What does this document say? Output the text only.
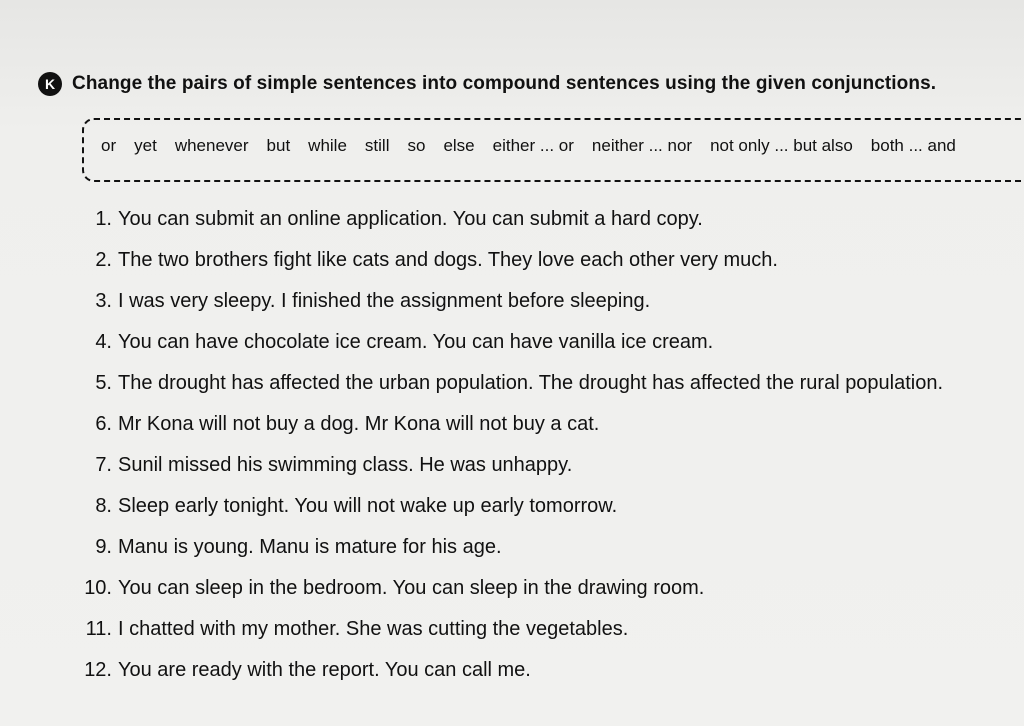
K Change the pairs of simple sentences into compound sentences using the given conjunctions.
or yet whenever but while still so else either ... or neither ... nor not only ... but also both ... and
1. You can submit an online application. You can submit a hard copy.
2. The two brothers fight like cats and dogs. They love each other very much.
3. I was very sleepy. I finished the assignment before sleeping.
4. You can have chocolate ice cream. You can have vanilla ice cream.
5. The drought has affected the urban population. The drought has affected the rural population.
6. Mr Kona will not buy a dog. Mr Kona will not buy a cat.
7. Sunil missed his swimming class. He was unhappy.
8. Sleep early tonight. You will not wake up early tomorrow.
9. Manu is young. Manu is mature for his age.
10. You can sleep in the bedroom. You can sleep in the drawing room.
11. I chatted with my mother. She was cutting the vegetables.
12. You are ready with the report. You can call me.
